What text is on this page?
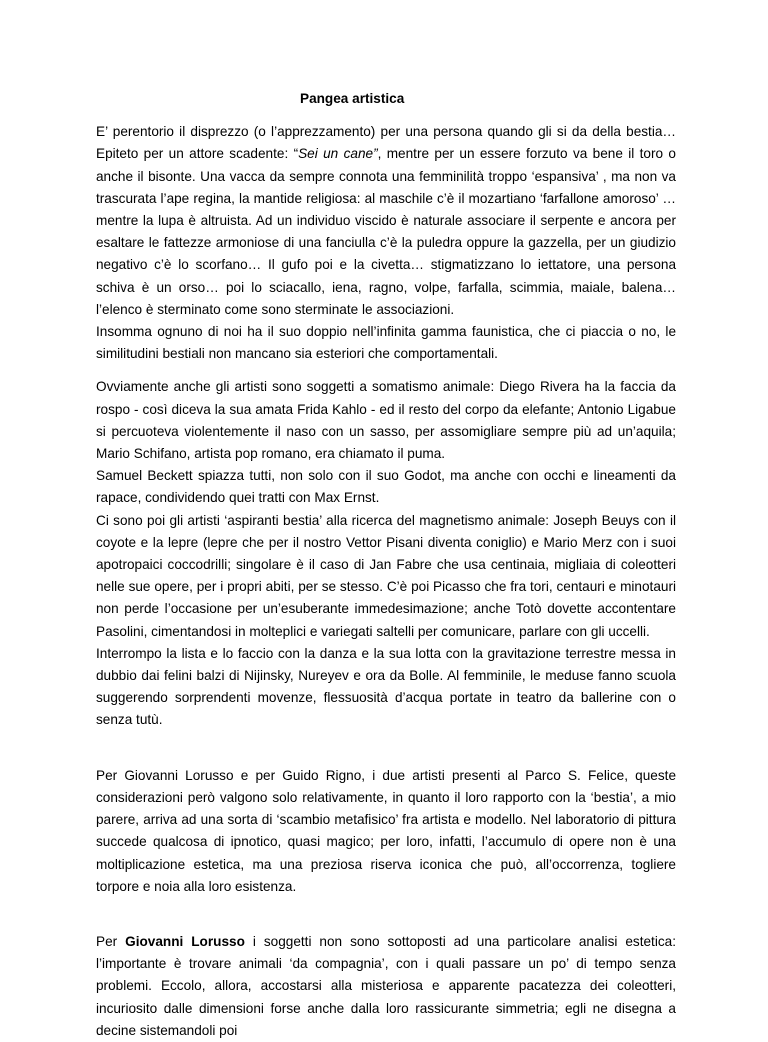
Pangea artistica

E’ perentorio il disprezzo (o l’apprezzamento) per una persona quando gli si da della bestia… Epiteto per un attore scadente: “Sei un cane”, mentre per un essere forzuto va bene il toro o anche il bisonte. Una vacca da sempre connota una femminilità troppo ‘espansiva’ , ma non va trascurata l’ape regina, la mantide religiosa: al maschile c’è il mozartiano ‘farfallone amoroso’ … mentre la lupa è altruista. Ad un individuo viscido è naturale associare il serpente e ancora per esaltare le fattezze armoniose di una fanciulla c’è la puledra oppure la gazzella, per un giudizio negativo c’è lo scorfano… Il gufo poi e la civetta… stigmatizzano lo iettatore, una persona schiva è un orso… poi lo sciacallo, iena, ragno, volpe, farfalla, scimmia, maiale, balena… l’elenco è sterminato come sono sterminate le associazioni.

Insomma ognuno di noi ha il suo doppio nell’infinita gamma faunistica, che ci piaccia o no, le similitudini bestiali non mancano sia esteriori che comportamentali.

Ovviamente anche gli artisti sono soggetti a somatismo animale: Diego Rivera ha la faccia da rospo - così diceva la sua amata Frida Kahlo - ed il resto del corpo da elefante; Antonio Ligabue si percuoteva violentemente il naso con un sasso, per assomigliare sempre più ad un’aquila; Mario Schifano, artista pop romano, era chiamato il puma.

Samuel Beckett spiazza tutti, non solo con il suo Godot, ma anche con occhi e lineamenti da rapace, condividendo quei tratti con Max Ernst.

Ci sono poi gli artisti ‘aspiranti bestia’ alla ricerca del magnetismo animale: Joseph Beuys con il coyote e la lepre (lepre che per il nostro Vettor Pisani diventa coniglio) e Mario Merz con i suoi apotropaici coccodrilli; singolare è il caso di Jan Fabre che usa centinaia, migliaia di coleotteri nelle sue opere, per i propri abiti, per se stesso. C’è poi Picasso che fra tori, centauri e minotauri non perde l’occasione per un’esuberante immedesimazione; anche Totò dovette accontentare Pasolini, cimentandosi in molteplici e variegati saltelli per comunicare, parlare con gli uccelli.

Interrompo la lista e lo faccio con la danza e la sua lotta con la gravitazione terrestre messa in dubbio dai felini balzi di Nijinsky, Nureyev e ora da Bolle. Al femminile, le meduse fanno scuola suggerendo sorprendenti movenze, flessuosità d’acqua portate in teatro da ballerine con o senza tutù.

Per Giovanni Lorusso e per Guido Rigno, i due artisti presenti al Parco S. Felice, queste considerazioni però valgono solo relativamente, in quanto il loro rapporto con la ‘bestia’, a mio parere, arriva ad una sorta di ‘scambio metafisico’ fra artista e modello. Nel laboratorio di pittura succede qualcosa di ipnotico, quasi magico; per loro, infatti, l’accumulo di opere non è una moltiplicazione estetica, ma una preziosa riserva iconica che può, all’occorrenza, togliere torpore e noia alla loro esistenza.

Per Giovanni Lorusso i soggetti non sono sottoposti ad una particolare analisi estetica: l’importante è trovare animali ‘da compagnia’, con i quali passare un po’ di tempo senza problemi. Eccolo, allora, accostarsi alla misteriosa e apparente pacatezza dei coleotteri, incuriosito dalle dimensioni forse anche dalla loro rassicurante simmetria; egli ne disegna a decine sistemandoli poi
